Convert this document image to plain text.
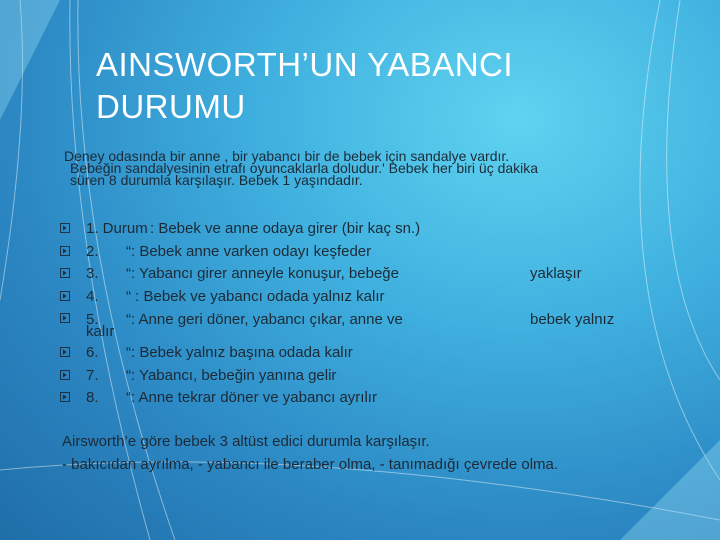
AINSWORTH’UN YABANCI DURUMU
Deney odasında bir anne , bir yabancı bir de bebek için sandalye vardır.
Bebeğin sandalyesinin etrafı oyuncaklarla doludur.' Bebek her biri üç dakika
süren 8 durumla karşılaşır. Bebek 1 yaşındadır.
1. Durum : Bebek ve anne odaya girer (bir kaç sn.)
2. “: Bebek anne varken odayı keşfeder
3. “: Yabancı girer anneyle konuşur, bebeğe	yaklaşır
4. “ : Bebek ve yabancı odada yalnız kalır
5. “: Anne geri döner, yabancı çıkar, anne ve	bebek yalnız
kalır
6. “: Bebek yalnız başına odada kalır
7. “: Yabancı, bebeğin yanına gelir
8. “: Anne tekrar döner ve yabancı ayrılır
Airsworth’e göre bebek 3 altüst edici durumla karşılaşır.
- bakıcıdan ayrılma, - yabancı ile beraber olma, - tanımadığı çevrede olma.
